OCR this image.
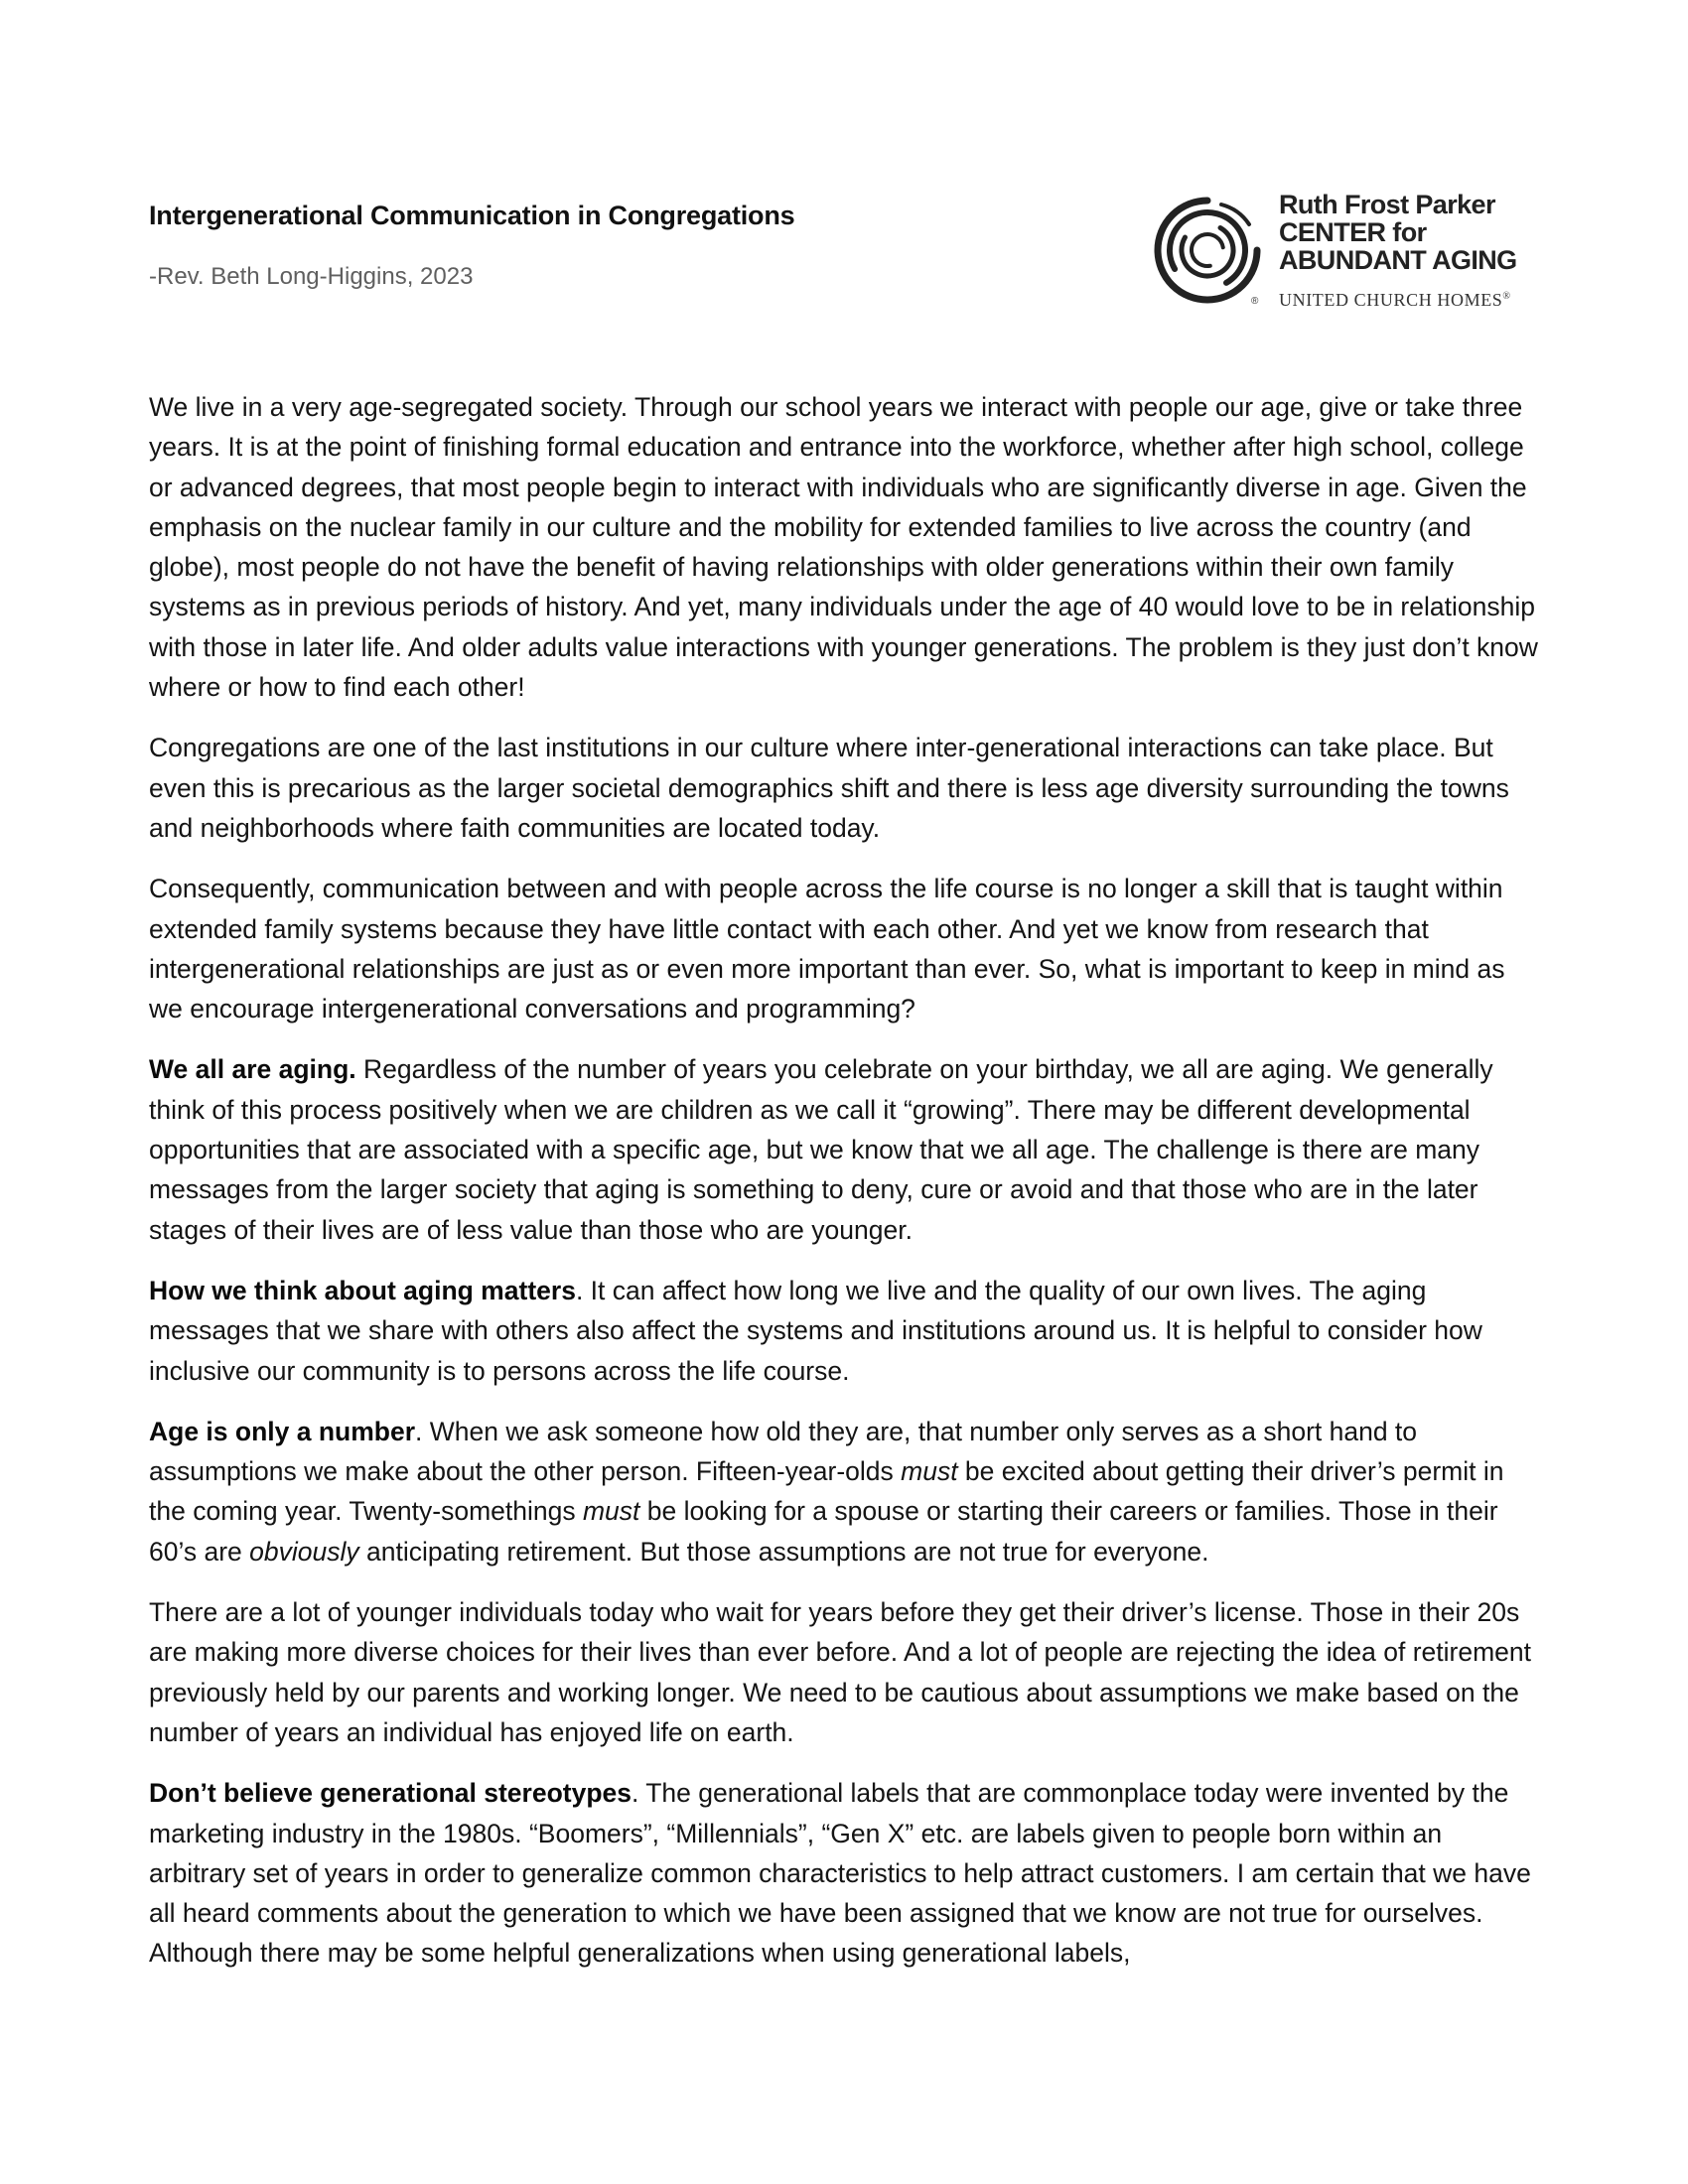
Intergenerational Communication in Congregations

-Rev. Beth Long-Higgins, 2023

®

Ruth Frost Parker

CENTER for

ABUNDANT AGING

UNITED CHURCH HOMES®

We live in a very age-segregated society. Through our school years we interact with people our age, give or take three years. It is at the point of finishing formal education and entrance into the workforce, whether after high school, college or advanced degrees, that most people begin to interact with individuals who are significantly diverse in age. Given the emphasis on the nuclear family in our culture and the mobility for extended families to live across the country (and globe), most people do not have the benefit of having relationships with older generations within their own family systems as in previous periods of history. And yet, many individuals under the age of 40 would love to be in relationship with those in later life. And older adults value interactions with younger generations. The problem is they just don’t know where or how to find each other!

Congregations are one of the last institutions in our culture where inter-generational interactions can take place. But even this is precarious as the larger societal demographics shift and there is less age diversity surrounding the towns and neighborhoods where faith communities are located today.

Consequently, communication between and with people across the life course is no longer a skill that is taught within extended family systems because they have little contact with each other. And yet we know from research that intergenerational relationships are just as or even more important than ever. So, what is important to keep in mind as we encourage intergenerational conversations and programming?

We all are aging. Regardless of the number of years you celebrate on your birthday, we all are aging. We generally think of this process positively when we are children as we call it “growing”. There may be different developmental opportunities that are associated with a specific age, but we know that we all age. The challenge is there are many messages from the larger society that aging is something to deny, cure or avoid and that those who are in the later stages of their lives are of less value than those who are younger.

How we think about aging matters. It can affect how long we live and the quality of our own lives. The aging messages that we share with others also affect the systems and institutions around us. It is helpful to consider how inclusive our community is to persons across the life course.

Age is only a number. When we ask someone how old they are, that number only serves as a short hand to assumptions we make about the other person. Fifteen-year-olds must be excited about getting their driver’s permit in the coming year. Twenty-somethings must be looking for a spouse or starting their careers or families. Those in their 60’s are obviously anticipating retirement. But those assumptions are not true for everyone.

There are a lot of younger individuals today who wait for years before they get their driver’s license. Those in their 20s are making more diverse choices for their lives than ever before. And a lot of people are rejecting the idea of retirement previously held by our parents and working longer. We need to be cautious about assumptions we make based on the number of years an individual has enjoyed life on earth.

Don’t believe generational stereotypes. The generational labels that are commonplace today were invented by the marketing industry in the 1980s. “Boomers”, “Millennials”, “Gen X” etc. are labels given to people born within an arbitrary set of years in order to generalize common characteristics to help attract customers. I am certain that we have all heard comments about the generation to which we have been assigned that we know are not true for ourselves. Although there may be some helpful generalizations when using generational labels,
